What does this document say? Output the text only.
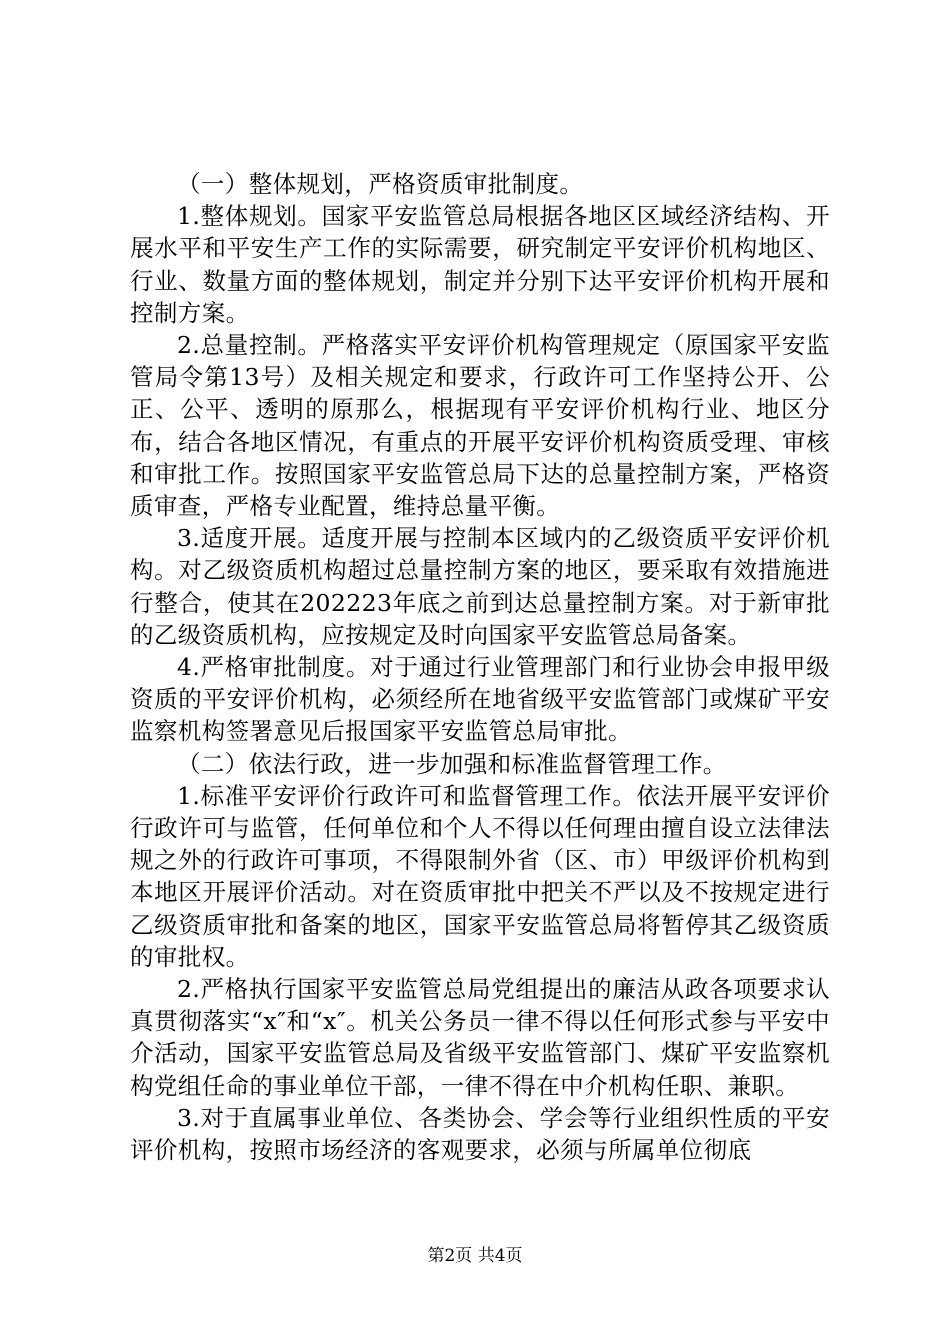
（一）整体规划，严格资质审批制度。

1.整体规划。国家平安监管总局根据各地区区域经济结构、开展水平和平安生产工作的实际需要，研究制定平安评价机构地区、行业、数量方面的整体规划，制定并分别下达平安评价机构开展和控制方案。

2.总量控制。严格落实平安评价机构管理规定（原国家平安监管局令第13号）及相关规定和要求，行政许可工作坚持公开、公正、公平、透明的原那么，根据现有平安评价机构行业、地区分布，结合各地区情况，有重点的开展平安评价机构资质受理、审核和审批工作。按照国家平安监管总局下达的总量控制方案，严格资质审查，严格专业配置，维持总量平衡。

3.适度开展。适度开展与控制本区域内的乙级资质平安评价机构。对乙级资质机构超过总量控制方案的地区，要采取有效措施进行整合，使其在202223年底之前到达总量控制方案。对于新审批的乙级资质机构，应按规定及时向国家平安监管总局备案。

4.严格审批制度。对于通过行业管理部门和行业协会申报甲级资质的平安评价机构，必须经所在地省级平安监管部门或煤矿平安监察机构签署意见后报国家平安监管总局审批。

（二）依法行政，进一步加强和标准监督管理工作。

1.标准平安评价行政许可和监督管理工作。依法开展平安评价行政许可与监管，任何单位和个人不得以任何理由擅自设立法律法规之外的行政许可事项，不得限制外省（区、市）甲级评价机构到本地区开展评价活动。对在资质审批中把关不严以及不按规定进行乙级资质审批和备案的地区，国家平安监管总局将暂停其乙级资质的审批权。

2.严格执行国家平安监管总局党组提出的廉洁从政各项要求认真贯彻落实“x″和“x″。机关公务员一律不得以任何形式参与平安中介活动，国家平安监管总局及省级平安监管部门、煤矿平安监察机构党组任命的事业单位干部，一律不得在中介机构任职、兼职。

3.对于直属事业单位、各类协会、学会等行业组织性质的平安评价机构，按照市场经济的客观要求，必须与所属单位彻底

第2页 共4页
